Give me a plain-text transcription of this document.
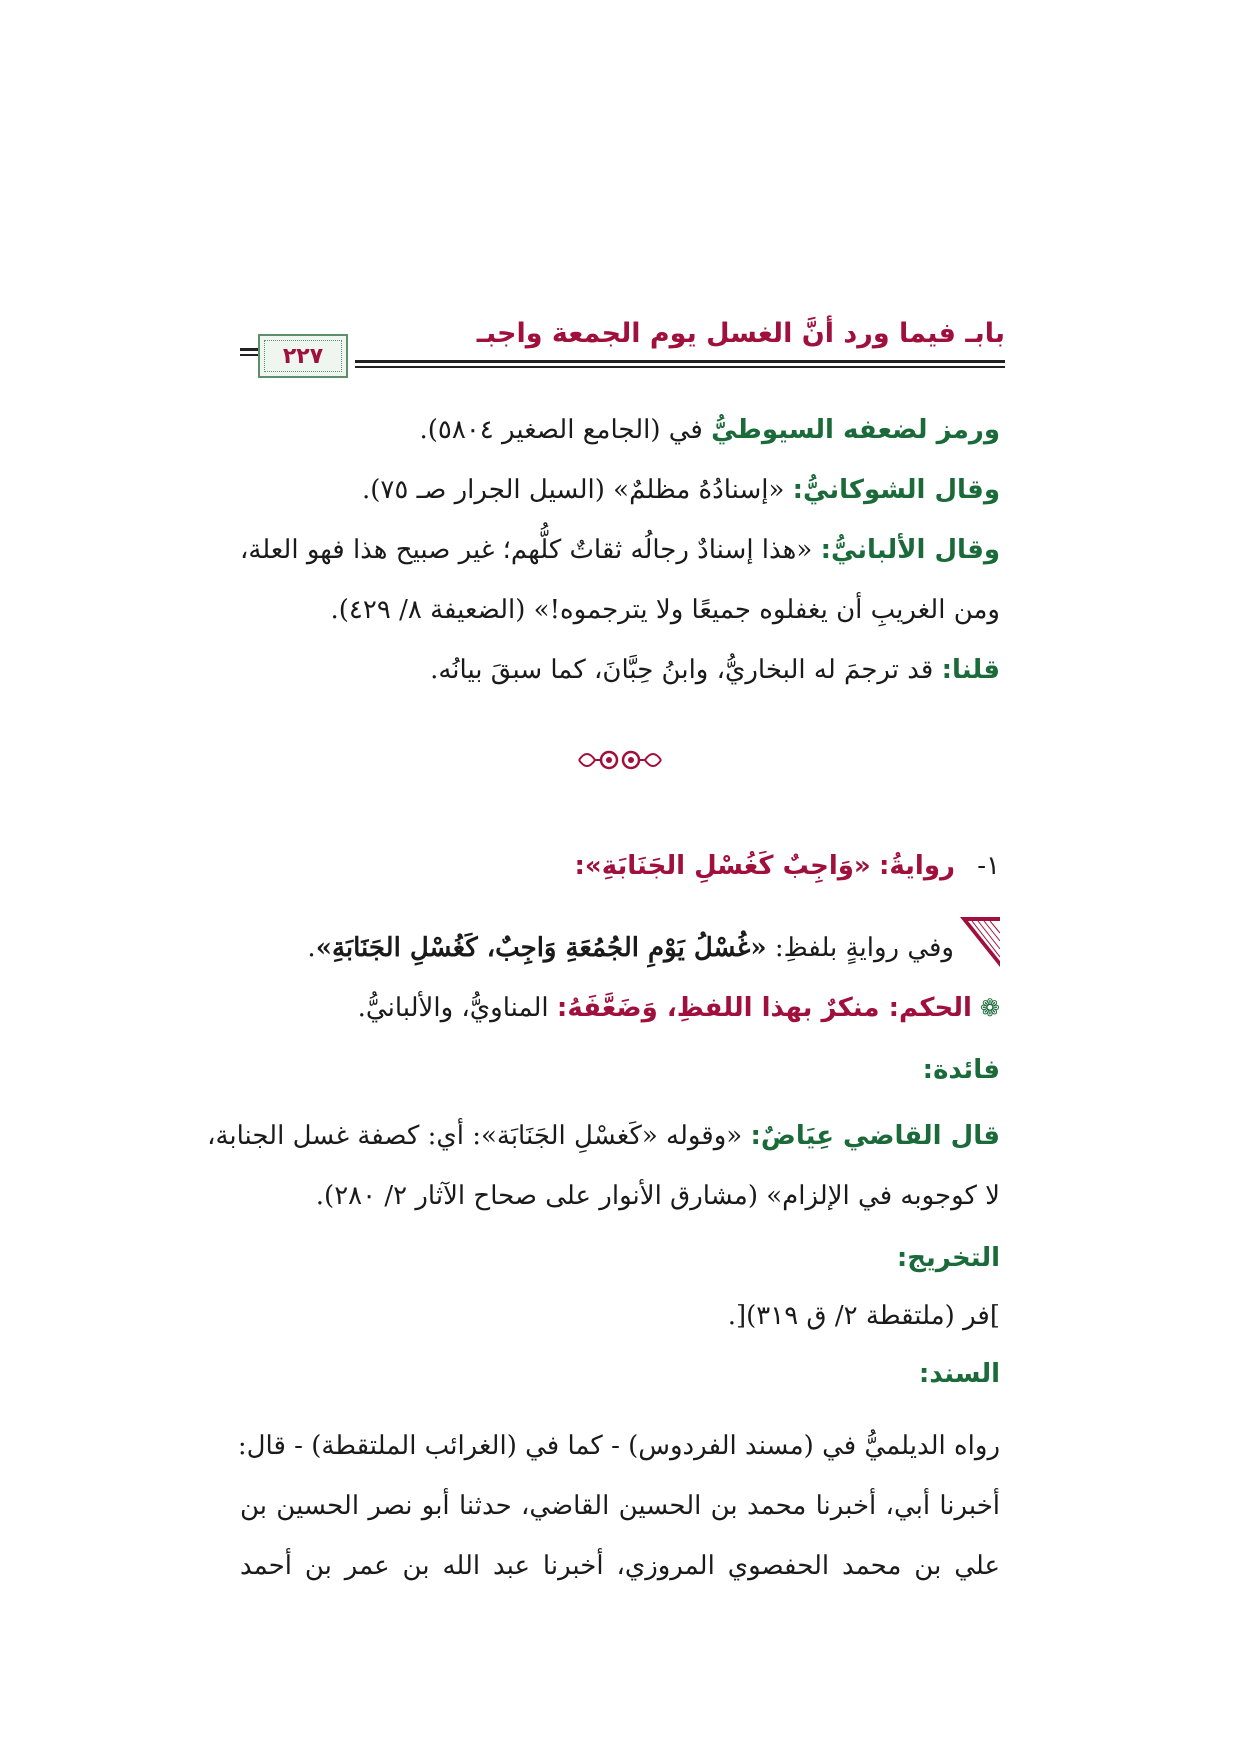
بابـ فيما ورد أنَّ الغسل يوم الجمعة واجبـ
٢٢٧
ورمز لضعفه السيوطيُّ في (الجامع الصغير ٥٨٠٤).
وقال الشوكانيُّ: «إسنادُهُ مظلمٌ» (السيل الجرار صـ ٧٥).
وقال الألبانيُّ: «هذا إسنادٌ رجالُه ثقاتٌ كلُّهم؛ غير صبيح هذا فهو العلة،
ومن الغريبِ أن يغفلوه جميعًا ولا يترجموه!» (الضعيفة ٨/ ٤٢٩).
قلنا: قد ترجمَ له البخاريُّ، وابنُ حِبَّانَ، كما سبقَ بيانُه.
١- روايةُ: «وَاجِبٌ كَغُسْلِ الجَنَابَةِ»:
وفي روايةٍ بلفظِ: «غُسْلُ يَوْمِ الجُمُعَةِ وَاجِبٌ، كَغُسْلِ الجَنَابَةِ».
❁الحكم: منكرٌ بهذا اللفظِ، وَضَعَّفَهُ: المناويُّ، والألبانيُّ.
فائدة:
قال القاضي عِيَاضٌ: «وقوله «كَغسْلِ الجَنَابَة»: أي: كصفة غسل الجنابة،
لا كوجوبه في الإلزام» (مشارق الأنوار على صحاح الآثار ٢/ ٢٨٠).
التخريج:
]فر (ملتقطة ٢/ ق ٣١٩)[.
السند:
رواه الديلميُّ في (مسند الفردوس) - كما في (الغرائب الملتقطة) - قال:
أخبرنا أبي، أخبرنا محمد بن الحسين القاضي، حدثنا أبو نصر الحسين بن
علي بن محمد الحفصوي المروزي، أخبرنا عبد الله بن عمر بن أحمد
